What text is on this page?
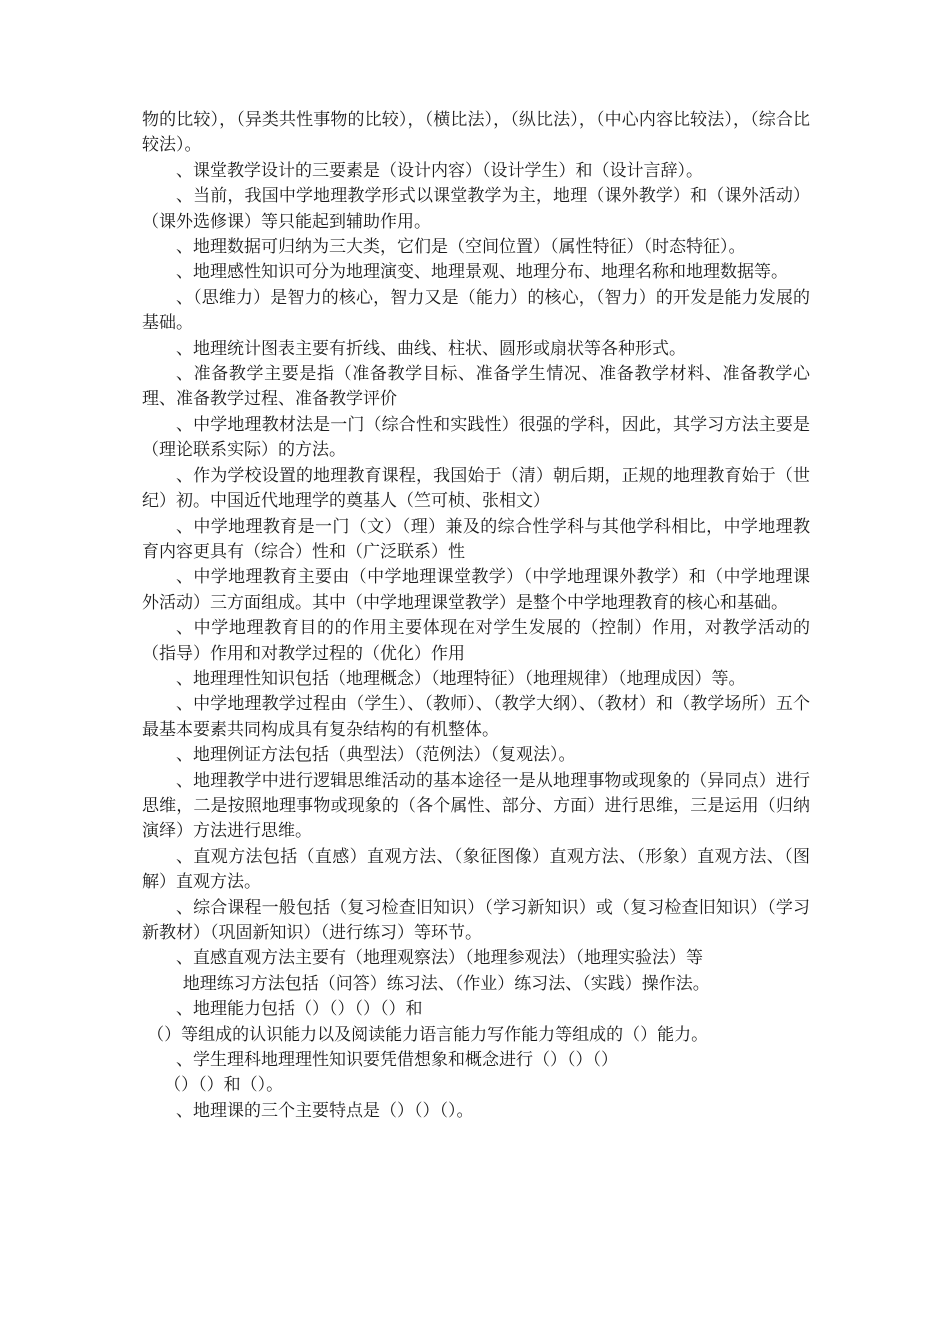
物的比较），（异类共性事物的比较），（横比法），（纵比法），（中心内容比较法），（综合比较法）。

、课堂教学设计的三要素是（设计内容）（设计学生）和（设计言辞）。

、当前，我国中学地理教学形式以课堂教学为主，地理（课外教学）和（课外活动）（课外选修课）等只能起到辅助作用。

、地理数据可归纳为三大类，它们是（空间位置）（属性特征）（时态特征）。

、地理感性知识可分为地理演变、地理景观、地理分布、地理名称和地理数据等。

、（思维力）是智力的核心，智力又是（能力）的核心，（智力）的开发是能力发展的基础。

、地理统计图表主要有折线、曲线、柱状、圆形或扇状等各种形式。

、准备教学主要是指（准备教学目标、准备学生情况、准备教学材料、准备教学心理、准备教学过程、准备教学评价

、中学地理教材法是一门（综合性和实践性）很强的学科，因此，其学习方法主要是（理论联系实际）的方法。

、作为学校设置的地理教育课程，我国始于（清）朝后期，正规的地理教育始于（世纪）初。中国近代地理学的奠基人（竺可桢、张相文）

、中学地理教育是一门（文）（理）兼及的综合性学科与其他学科相比，中学地理教育内容更具有（综合）性和（广泛联系）性

、中学地理教育主要由（中学地理课堂教学）（中学地理课外教学）和（中学地理课外活动）三方面组成。其中（中学地理课堂教学）是整个中学地理教育的核心和基础。

、中学地理教育目的的作用主要体现在对学生发展的（控制）作用，对教学活动的（指导）作用和对教学过程的（优化）作用

、地理理性知识包括（地理概念）（地理特征）（地理规律）（地理成因）等。

、中学地理教学过程由（学生）、（教师）、（教学大纲）、（教材）和（教学场所）五个最基本要素共同构成具有复杂结构的有机整体。

、地理例证方法包括（典型法）（范例法）（复观法）。

、地理教学中进行逻辑思维活动的基本途径一是从地理事物或现象的（异同点）进行思维，二是按照地理事物或现象的（各个属性、部分、方面）进行思维，三是运用（归纳演绎）方法进行思维。

、直观方法包括（直感）直观方法、（象征图像）直观方法、（形象）直观方法、（图解）直观方法。

、综合课程一般包括（复习检查旧知识）（学习新知识）或（复习检查旧知识）（学习新教材）（巩固新知识）（进行练习）等环节。

、直感直观方法主要有（地理观察法）（地理参观法）（地理实验法）等

地理练习方法包括（问答）练习法、（作业）练习法、（实践）操作法。

、地理能力包括（）（）（）（）和

（）等组成的认识能力以及阅读能力语言能力写作能力等组成的（）能力。

、学生理科地理理性知识要凭借想象和概念进行（）（）（）

（）（）和（）。

、地理课的三个主要特点是（）（）（）。
